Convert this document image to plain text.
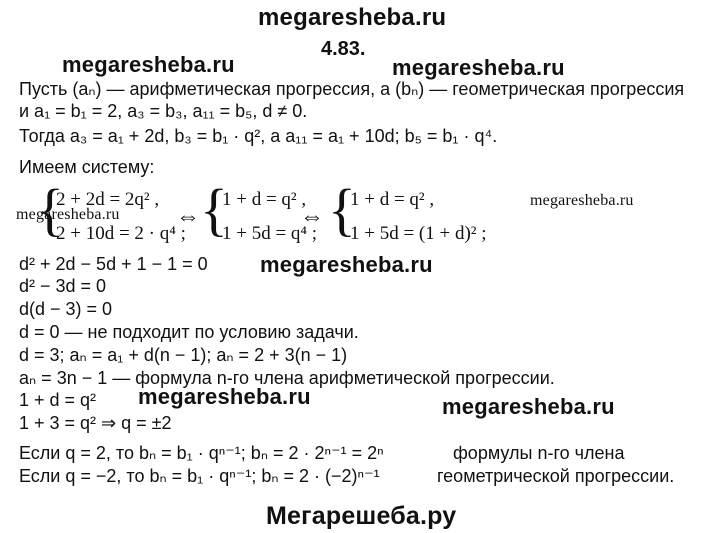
megaresheba.ru
4.83.
megaresheba.ru	megaresheba.ru
Пусть (aₙ) — арифметическая прогрессия, а (bₙ) — геометрическая прогрессия
и a₁ = b₁ = 2, a₃ = b₃, a₁₁ = b₅, d ≠ 0.
Тогда a₃ = a₁ + 2d, b₃ = b₁ · q², а a₁₁ = a₁ + 10d; b₅ = b₁ · q⁴.
Имеем систему:
{
2 + 2d = 2q² ,
2 + 10d = 2 · q⁴ ;
⇔ {
1 + d = q² ,
1 + 5d = q⁴ ;
⇔ {
1 + d = q² ,
1 + 5d = (1 + d)² ;
megaresheba.ru
megaresheba.ru
d² + 2d − 5d + 1 − 1 = 0 megaresheba.ru
d² − 3d = 0
d(d − 3) = 0
d = 0 — не подходит по условию задачи.
d = 3; aₙ = a₁ + d(n − 1); aₙ = 2 + 3(n − 1)
aₙ = 3n − 1 — формула n-го члена арифметической прогрессии.
1 + d = q² megaresheba.ru
1 + 3 = q² ⇒ q = ±2
megaresheba.ru
Если q = 2, то bₙ = b₁ · qⁿ⁻¹; bₙ = 2 · 2ⁿ⁻¹ = 2ⁿ	формулы n-го члена
Если q = −2, то bₙ = b₁ · qⁿ⁻¹; bₙ = 2 · (−2)ⁿ⁻¹	геометрической прогрессии.
Мегарешеба.ру
